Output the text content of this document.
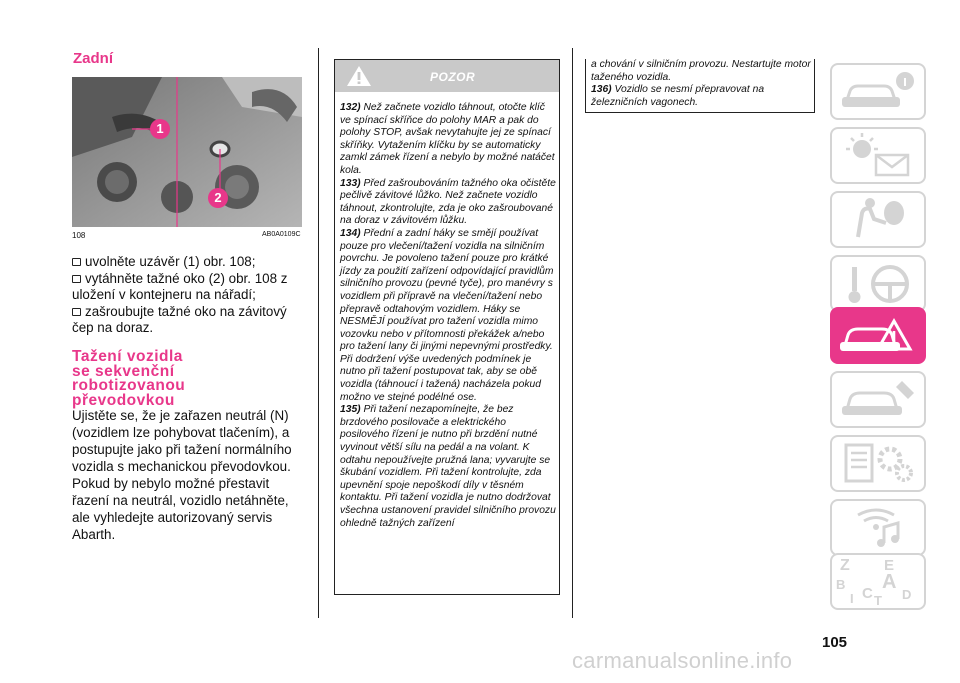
Zadní
1
2
108	AB0A0109C

uvolněte uzávěr (1) obr. 108;

vytáhněte tažné oko (2) obr. 108 z uložení v kontejneru na nářadí;

zašroubujte tažné oko na závitový čep na doraz.

Tažení vozidla
se sekvenční
robotizovanou
převodovkou
Ujistěte se, že je zařazen neutrál (N) (vozidlem lze pohybovat tlačením), a postupujte jako při tažení normálního vozidla s mechanickou převodovkou. Pokud by nebylo možné přestavit řazení na neutrál, vozidlo netáhněte, ale vyhledejte autorizovaný servis Abarth.
POZOR

132) Než začnete vozidlo táhnout, otočte klíč ve spínací skříňce do polohy MAR a pak do polohy STOP, avšak nevytahujte jej ze spínací skříňky. Vytažením klíčku by se automaticky zamkl zámek řízení a nebylo by možné natáčet kola.

133) Před zašroubováním tažného oka očistěte pečlivě závitové lůžko. Než začnete vozidlo táhnout, zkontrolujte, zda je oko zašroubované na doraz v závitovém lůžku.

134) Přední a zadní háky se smějí používat pouze pro vlečení/tažení vozidla na silničním povrchu. Je povoleno tažení pouze pro krátké jízdy za použití zařízení odpovídající pravidlům silničního provozu (pevné tyče), pro manévry s vozidlem při přípravě na vlečení/tažení nebo přepravě odtahovým vozidlem. Háky se NESMĚJÍ používat pro tažení vozidla mimo vozovku nebo v přítomnosti překážek a/nebo pro tažení lany či jinými nepevnými prostředky. Při dodržení výše uvedených podmínek je nutno při tažení postupovat tak, aby se obě vozidla (táhnoucí i tažená) nacházela pokud možno ve stejné podélné ose.

135) Při tažení nezapomínejte, že bez brzdového posilovače a elektrického posilového řízení je nutno při brzdění nutné vyvinout větší sílu na pedál a na volant. K odtahu nepoužívejte pružná lana; vyvarujte se škubání vozidlem. Při tažení kontrolujte, zda upevnění spoje nepoškodí díly v těsném kontaktu. Při tažení vozidla je nutno dodržovat všechna ustanovení pravidel silničního provozu ohledně tažných zařízení

a chování v silničním provozu. Nestartujte motor taženého vozidla.

136) Vozidlo se nesmí přepravovat na železničních vagonech.

Z E
B A
I C T D
105
carmanualsonline.info
